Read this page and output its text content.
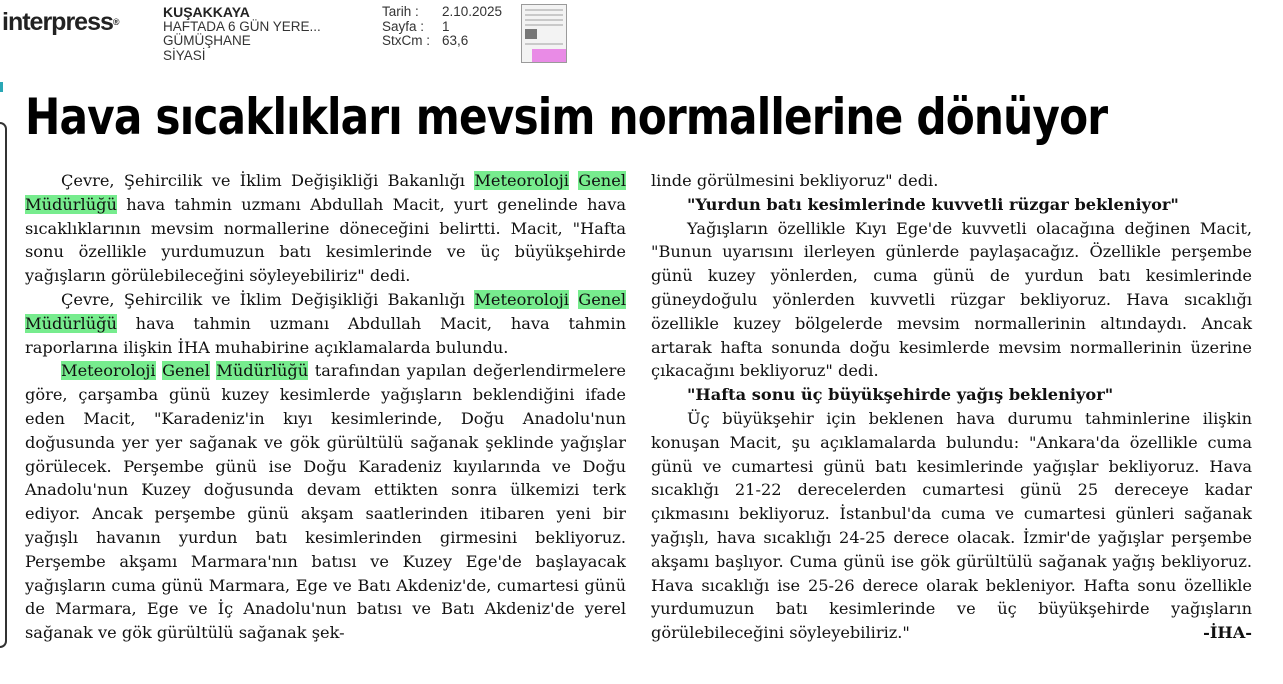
interpress®
KUŞAKKAYA
HAFTADA 6 GÜN YERE...
GÜMÜŞHANE
SİYASİ
Tarih :	2.10.2025
Sayfa :	1
StxCm : 63,6
Hava sıcaklıkları mevsim normallerine dönüyor

Çevre, Şehircilik ve İklim Değişikliği Bakanlığı Meteoroloji Genel Müdürlüğü hava tahmin uzmanı Abdullah Macit, yurt genelinde hava sıcaklıklarının mevsim normallerine döneceğini belirtti. Macit, "Hafta sonu özellikle yurdumuzun batı kesimlerinde ve üç büyükşehirde yağışların görülebileceğini söyleyebiliriz" dedi.

Çevre, Şehircilik ve İklim Değişikliği Bakanlığı Meteoroloji Genel Müdürlüğü hava tahmin uzmanı Abdullah Macit, hava tahmin raporlarına ilişkin İHA muhabirine açıklamalarda bulundu.

Meteoroloji Genel Müdürlüğü tarafından yapılan değerlendirmelere göre, çarşamba günü kuzey kesimlerde yağışların beklendiğini ifade eden Macit, "Karadeniz'in kıyı kesimlerinde, Doğu Anadolu'nun doğusunda yer yer sağanak ve gök gürültülü sağanak şeklinde yağışlar görülecek. Perşembe günü ise Doğu Karadeniz kıyılarında ve Doğu Anadolu'nun Kuzey doğusunda devam ettikten sonra ülkemizi terk ediyor. Ancak perşembe günü akşam saatlerinden itibaren yeni bir yağışlı havanın yurdun batı kesimlerinden girmesini bekliyoruz. Perşembe akşamı Marmara'nın batısı ve Kuzey Ege'de başlayacak yağışların cuma günü Marmara, Ege ve Batı Akdeniz'de, cumartesi günü de Marmara, Ege ve İç Anadolu'nun batısı ve Batı Akdeniz'de yerel sağanak ve gök gürültülü sağanak şek-

linde görülmesini bekliyoruz" dedi.

"Yurdun batı kesimlerinde kuvvetli rüzgar bekleniyor"

Yağışların özellikle Kıyı Ege'de kuvvetli olacağına değinen Macit, "Bunun uyarısını ilerleyen günlerde paylaşacağız. Özellikle perşembe günü kuzey yönlerden, cuma günü de yurdun batı kesimlerinde güneydoğulu yönlerden kuvvetli rüzgar bekliyoruz. Hava sıcaklığı özellikle kuzey bölgelerde mevsim normallerinin altındaydı. Ancak artarak hafta sonunda doğu kesimlerde mevsim normallerinin üzerine çıkacağını bekliyoruz" dedi.

"Hafta sonu üç büyükşehirde yağış bekleniyor"

Üç büyükşehir için beklenen hava durumu tahminlerine ilişkin konuşan Macit, şu açıklamalarda bulundu: "Ankara'da özellikle cuma günü ve cumartesi günü batı kesimlerinde yağışlar bekliyoruz. Hava sıcaklığı 21-22 derecelerden cumartesi günü 25 dereceye kadar çıkmasını bekliyoruz. İstanbul'da cuma ve cumartesi günleri sağanak yağışlı, hava sıcaklığı 24-25 derece olacak. İzmir'de yağışlar perşembe akşamı başlıyor. Cuma günü ise gök gürültülü sağanak yağış bekliyoruz. Hava sıcaklığı ise 25-26 derece olarak bekleniyor. Hafta sonu özellikle yurdumuzun batı kesimlerinde ve üç büyükşehirde yağışların görülebileceğini söyleyebiliriz."	-İHA-
